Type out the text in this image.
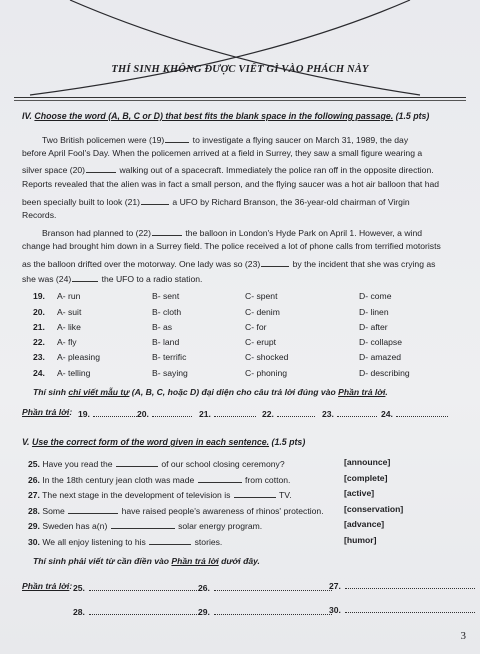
THÍ SINH KHÔNG ĐƯỢC VIẾT GÌ VÀO PHÁCH NÀY
IV. Choose the word (A, B, C or D) that best fits the blank space in the following passage. (1.5 pts)
Two British policemen were (19)	to investigate a flying saucer on March 31, 1989, the day
before April Fool's Day. When the policemen arrived at a field in Surrey, they saw a small figure wearing a
silver space (20)	walking out of a spacecraft. Immediately the police ran off in the opposite direction.
Reports revealed that the alien was in fact a small person, and the flying saucer was a hot air balloon that had
been specially built to look (21)	a UFO by Richard Branson, the 36-year-old chairman of Virgin
Records.
Branson had planned to (22)	the balloon in London's Hyde Park on April 1. However, a wind
change had brought him down in a Surrey field. The police received a lot of phone calls from terrified motorists
as the balloon drifted over the motorway. One lady was so (23)	by the incident that she was crying as
she was (24)	the UFO to a radio station.
19. A- run	B- sent	C- spent	D- come
20. A- suit	B- cloth	C- denim	D- linen
21. A- like	B- as	C- for	D- after
22. A- fly	B- land	C- erupt	D- collapse
23. A- pleasing	B- terrific	C- shocked	D- amazed
24. A- telling	B- saying	C- phoning	D- describing
Thí sinh chỉ viết mẫu tự (A, B, C, hoặc D) đại diện cho câu trả lời đúng vào Phần trả lời.
Phần trả lời: 19.	20.	21.	22.	23.	24.
V. Use the correct form of the word given in each sentence. (1.5 pts)
25. Have you read the	of our school closing ceremony?	[announce]
26. In the 18th century jean cloth was made	from cotton.	[complete]
27. The next stage in the development of television is	TV.	[active]
28. Some	have raised people's awareness of rhinos' protection. [conservation]
29. Sweden has a(n)	solar energy program.	[advance]
30. We all enjoy listening to his	stories.	[humor]
Thí sinh phải viết từ cần điền vào Phần trả lời dưới đây.
Phần trả lời: 25.	26.	27.
28.	29.	30.
3
